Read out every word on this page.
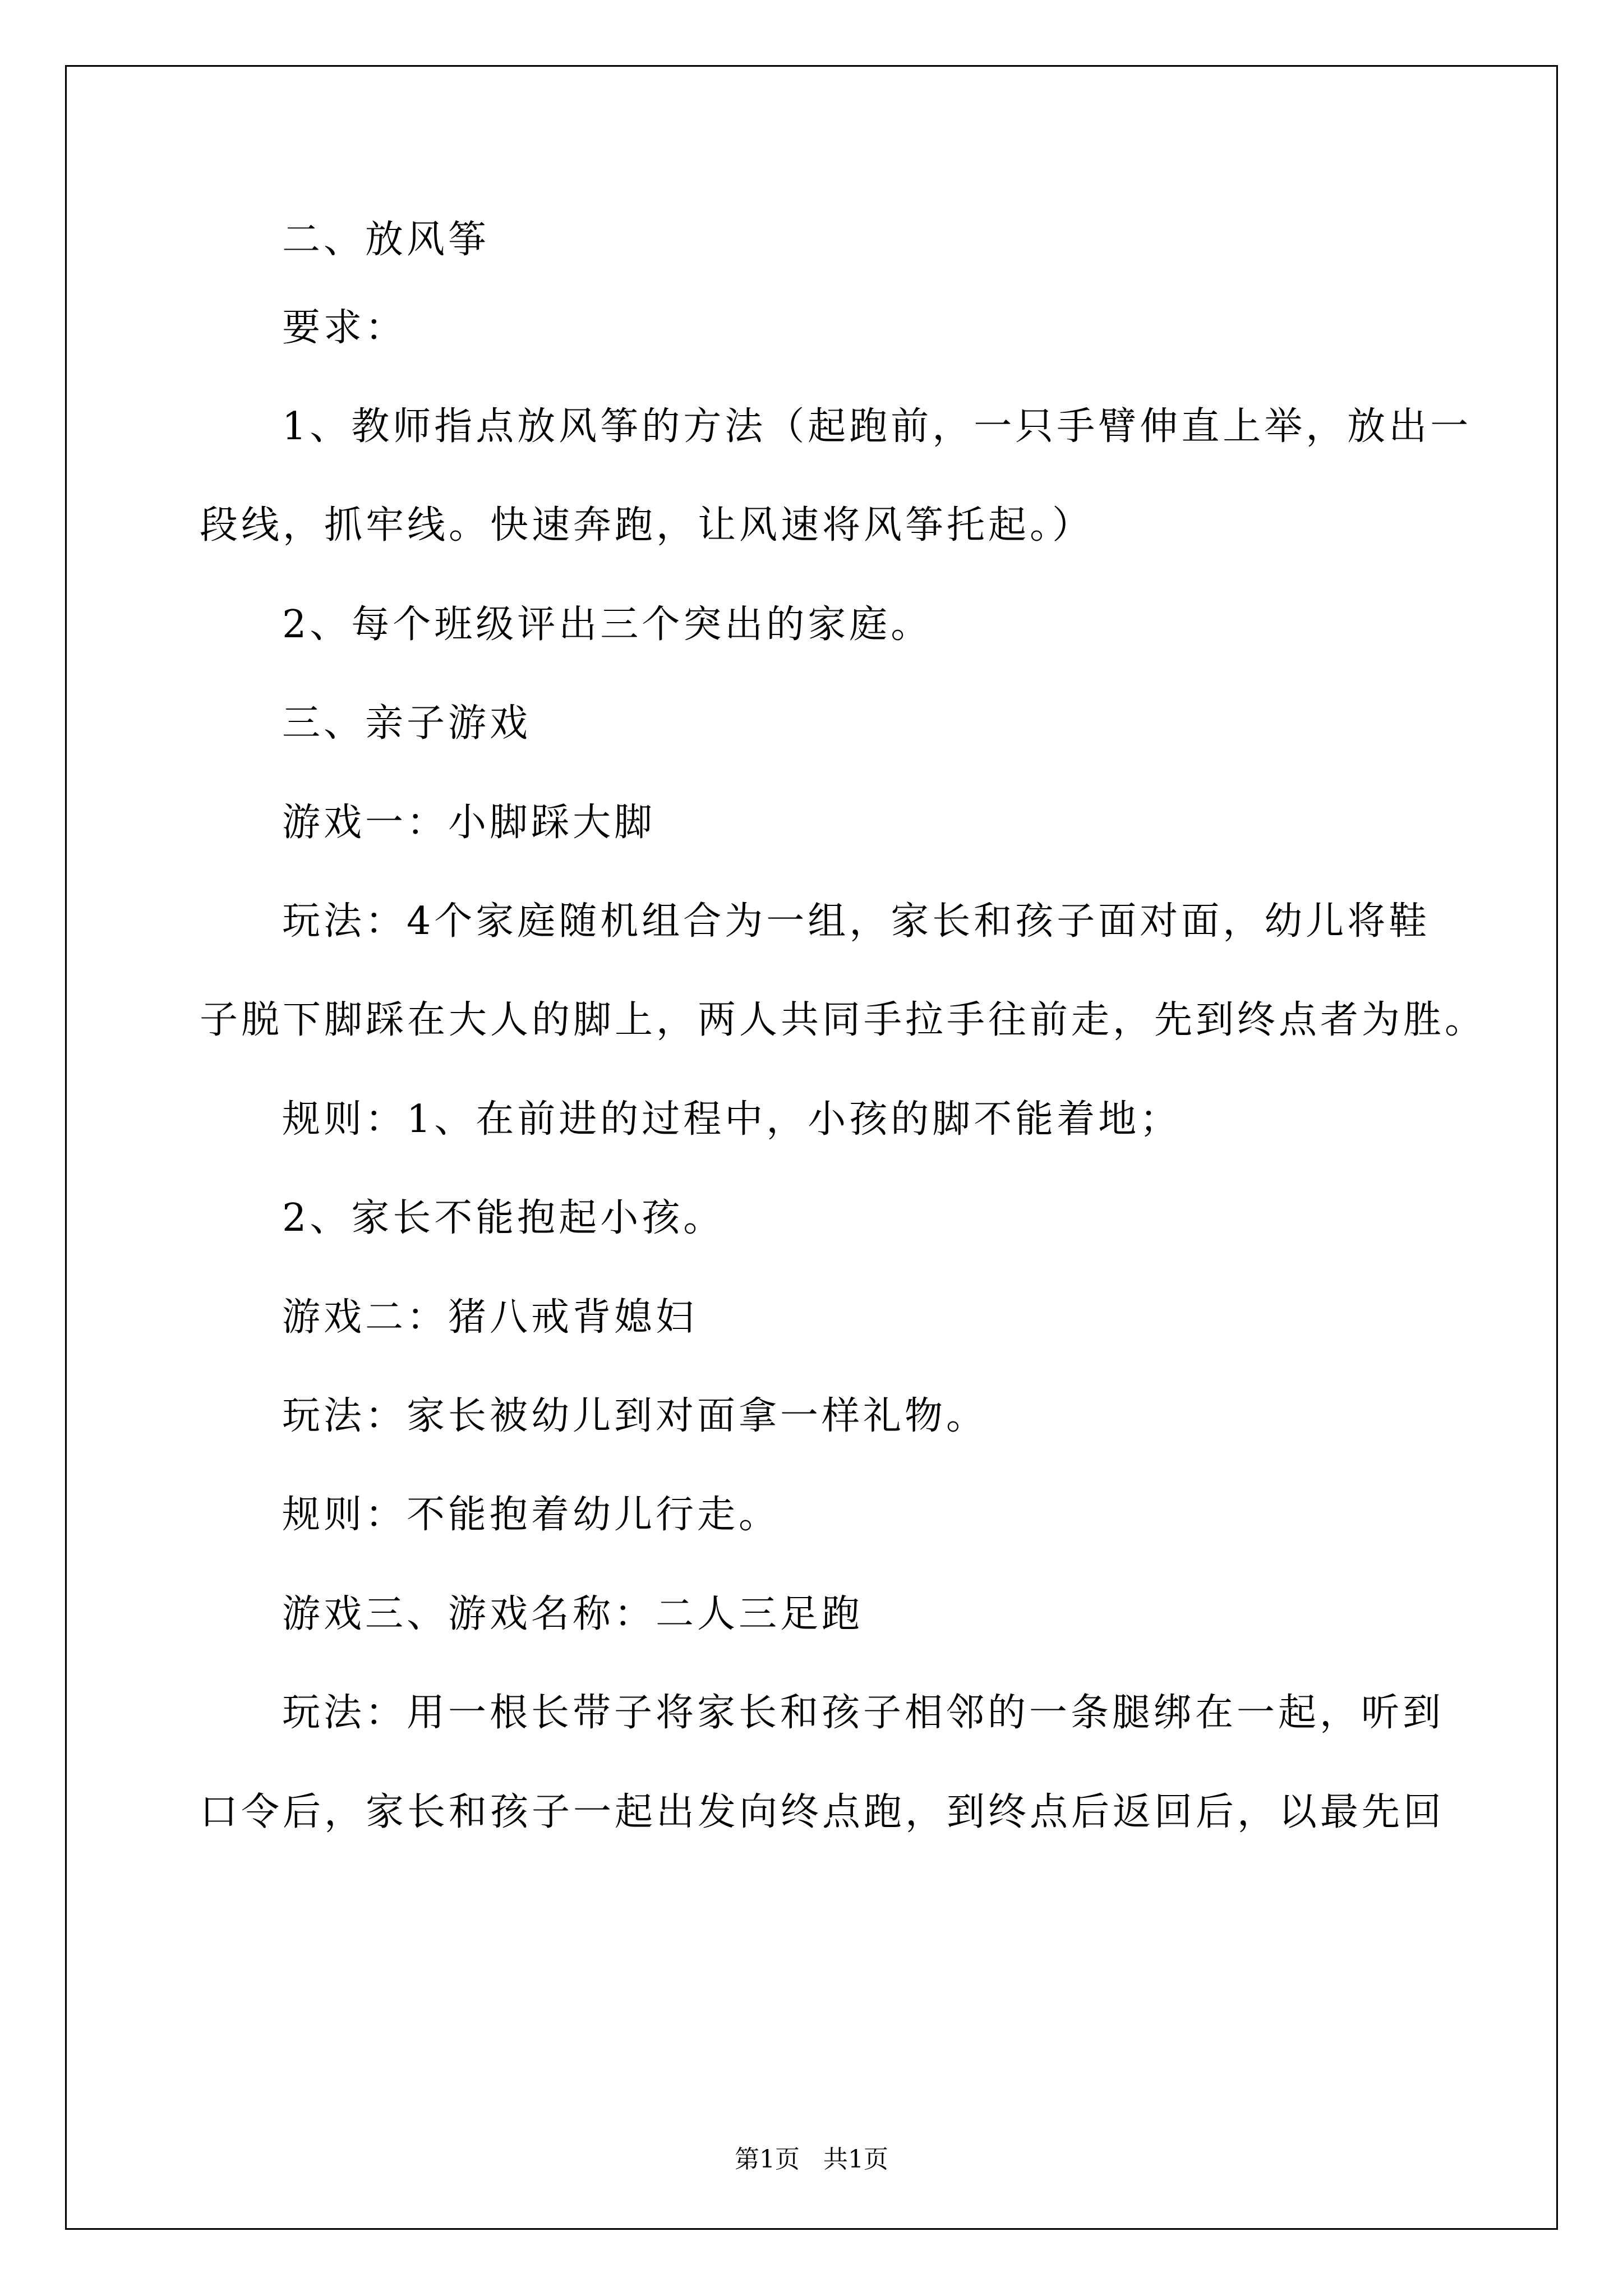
二、放风筝
要求：
1、教师指点放风筝的方法（起跑前，一只手臂伸直上举，放出一
段线，抓牢线。快速奔跑，让风速将风筝托起。）
2、每个班级评出三个突出的家庭。
三、亲子游戏
游戏一：小脚踩大脚
玩法：4个家庭随机组合为一组，家长和孩子面对面，幼儿将鞋
子脱下脚踩在大人的脚上，两人共同手拉手往前走，先到终点者为胜。
规则：1、在前进的过程中，小孩的脚不能着地；
2、家长不能抱起小孩。
游戏二：猪八戒背媳妇
玩法：家长被幼儿到对面拿一样礼物。
规则：不能抱着幼儿行走。
游戏三、游戏名称：二人三足跑
玩法：用一根长带子将家长和孩子相邻的一条腿绑在一起，听到
口令后，家长和孩子一起出发向终点跑，到终点后返回后，以最先回
第1页   共1页
